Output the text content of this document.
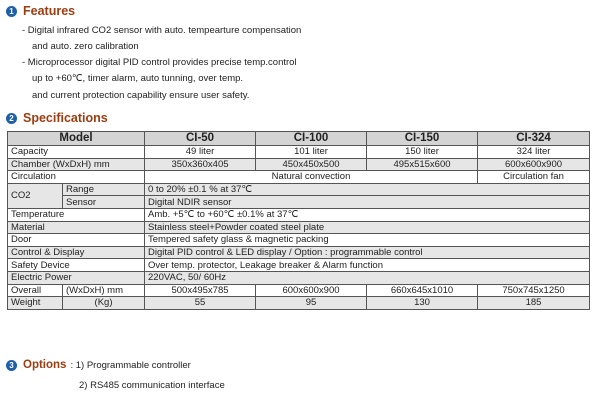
1 Features
- Digital infrared CO2 sensor with auto. tempearture compensation
and auto. zero calibration
- Microprocessor digital PID control provides precise temp.control
up to +60℃, timer alarm, auto tunning, over temp.
and current protection capability ensure user safety.
2 Specifications
Model		CI-50	CI-100	CI-150	CI-324
Capacity		49 liter	101 liter	150 liter	324 liter
Chamber (WxDxH) mm		350x360x405	450x450x500	495x515x600	600x600x900
Circulation		Natural convection			Circulation fan
CO2	Range	0 to 20% ±0.1 % at 37℃			
	Sensor	Digital NDIR sensor			
Temperature		Amb. +5℃ to +60℃ ±0.1% at 37℃			
Material		Stainless steel+Powder coated steel plate			
Door		Tempered safety glass & magnetic packing			
Control & Display		Digital PID control & LED display / Option : programmable control			
Safety Device		Over temp. protector, Leakage breaker & Alarm function			
Electric Power		220VAC, 50/ 60Hz			
Overall	(WxDxH) mm	500x495x785	600x600x900	660x645x1010	750x745x1250
Weight	(Kg)	55	95	130	185
3 Options : 1) Programmable controller
2) RS485 communication interface
